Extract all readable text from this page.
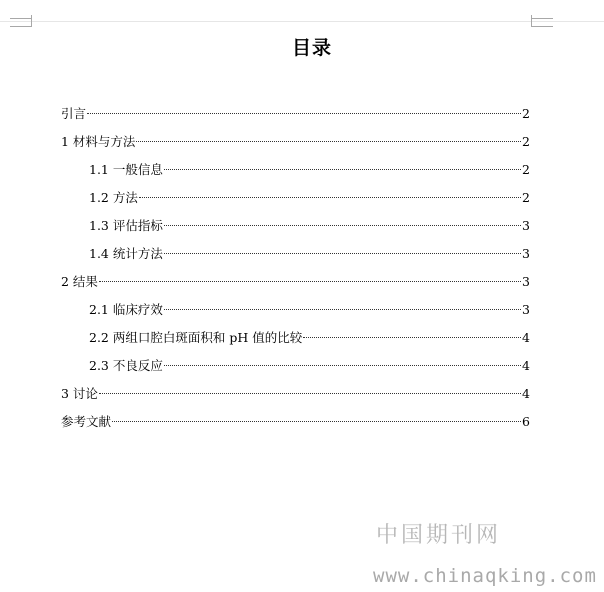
目录
引言	2
1 材料与方法	2
1.1 一般信息	2
1.2 方法	2
1.3 评估指标	3
1.4 统计方法	3
2 结果	3
2.1 临床疗效	3
2.2 两组口腔白斑面积和 pH 值的比较	4
2.3 不良反应	4
3 讨论	4
参考文献	6
中国期刊网
www.chinaqking.com
